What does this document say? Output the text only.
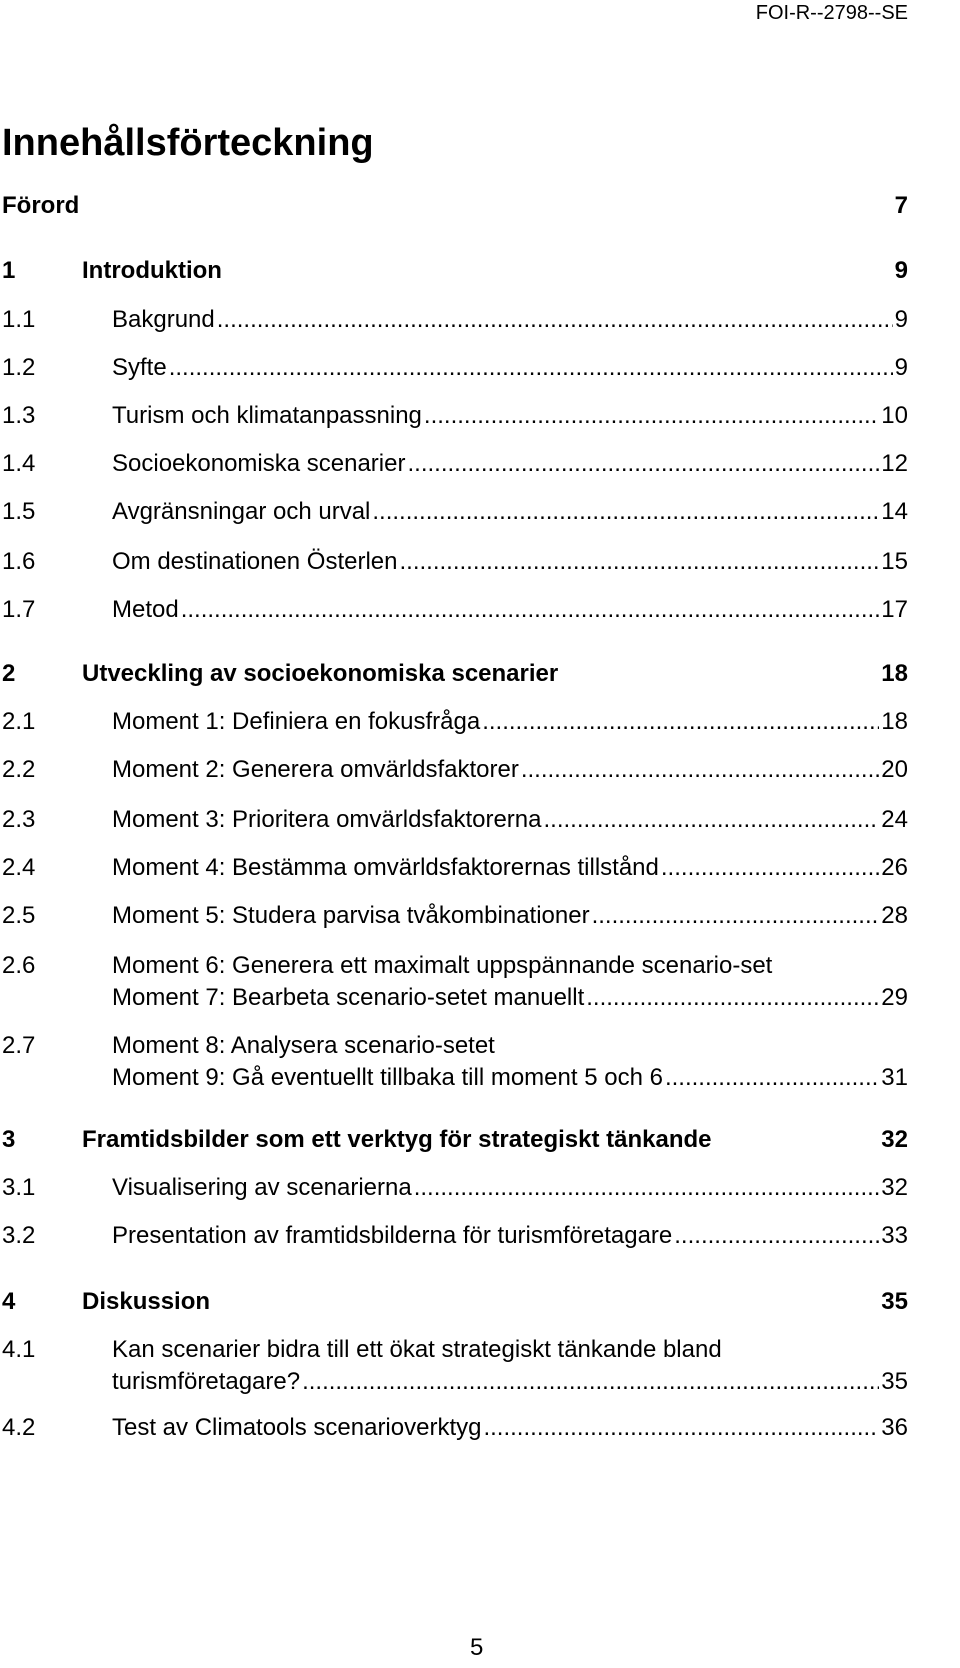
FOI-R--2798--SE
Innehållsförteckning
Förord	7
1	Introduktion	9
1.1	Bakgrund .....	9
1.2	Syfte .....	9
1.3	Turism och klimatanpassning .....	10
1.4	Socioekonomiska scenarier .....	12
1.5	Avgränsningar och urval .....	14
1.6	Om destinationen Österlen .....	15
1.7	Metod .....	17
2	Utveckling av socioekonomiska scenarier	18
2.1	Moment 1: Definiera en fokusfråga .....	18
2.2	Moment 2: Generera omvärldsfaktorer .....	20
2.3	Moment 3: Prioritera omvärldsfaktorerna .....	24
2.4	Moment 4: Bestämma omvärldsfaktorernas tillstånd .....	26
2.5	Moment 5: Studera parvisa tvåkombinationer .....	28
2.6	Moment 6: Generera ett maximalt uppspännande scenario-set
Moment 7: Bearbeta scenario-setet manuellt .....	29
2.7	Moment 8: Analysera scenario-setet
Moment 9: Gå eventuellt tillbaka till moment 5 och 6 .....	31
3	Framtidsbilder som ett verktyg för strategiskt tänkande	32
3.1	Visualisering av scenarierna .....	32
3.2	Presentation av framtidsbilderna för turismföretagare .....	33
4	Diskussion	35
4.1	Kan scenarier bidra till ett ökat strategiskt tänkande bland
turismföretagare? .....	35
4.2	Test av Climatools scenarioverktyg .....	36
5
